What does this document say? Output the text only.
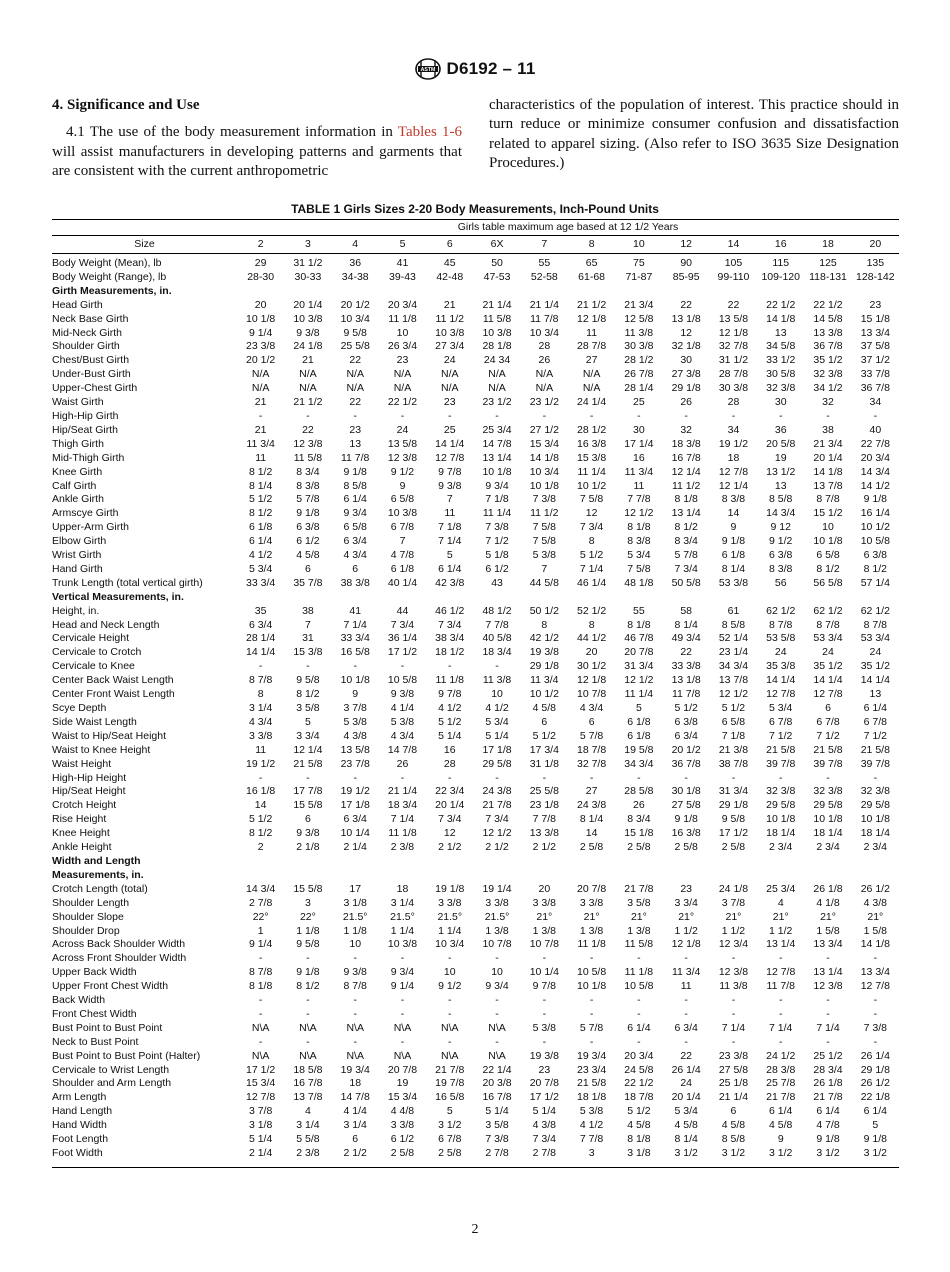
ASTM D6192 – 11
4. Significance and Use
4.1 The use of the body measurement information in Tables 1-6 will assist manufacturers in developing patterns and garments that are consistent with the current anthropometric
characteristics of the population of interest. This practice should in turn reduce or minimize consumer confusion and dissatisfaction related to apparel sizing. (Also refer to ISO 3635 Size Designation Procedures.)
TABLE 1 Girls Sizes 2-20 Body Measurements, Inch-Pound Units
	Girls table maximum age based at 12 1/2 Years													
Size	2	3	4	5	6	6X	7	8	10	12	14	16	18	20
Body Weight (Mean), lb	29	31 1/2	36	41	45	50	55	65	75	90	105	115	125	135
Body Weight (Range), lb	28-30	30-33	34-38	39-43	42-48	47-53	52-58	61-68	71-87	85-95	99-110	109-120	118-131	128-142
Girth Measurements, in.														
Head Girth	20	20 1/4	20 1/2	20 3/4	21	21 1/4	21 1/4	21 1/2	21 3/4	22	22	22 1/2	22 1/2	23
Neck Base Girth	10 1/8	10 3/8	10 3/4	11 1/8	11 1/2	11 5/8	11 7/8	12 1/8	12 5/8	13 1/8	13 5/8	14 1/8	14 5/8	15 1/8
Mid-Neck Girth	9 1/4	9 3/8	9 5/8	10	10 3/8	10 3/8	10 3/4	11	11 3/8	12	12 1/8	13	13 3/8	13 3/4
Shoulder Girth	23 3/8	24 1/8	25 5/8	26 3/4	27 3/4	28 1/8	28	28 7/8	30 3/8	32 1/8	32 7/8	34 5/8	36 7/8	37 5/8
Chest/Bust Girth	20 1/2	21	22	23	24	24 34	26	27	28 1/2	30	31 1/2	33 1/2	35 1/2	37 1/2
Under-Bust Girth	N/A	N/A	N/A	N/A	N/A	N/A	N/A	N/A	26 7/8	27 3/8	28 7/8	30 5/8	32 3/8	33 7/8
Upper-Chest Girth	N/A	N/A	N/A	N/A	N/A	N/A	N/A	N/A	28 1/4	29 1/8	30 3/8	32 3/8	34 1/2	36 7/8
Waist Girth	21	21 1/2	22	22 1/2	23	23 1/2	23 1/2	24 1/4	25	26	28	30	32	34
High-Hip Girth	-	-	-	-	-	-	-	-	-	-	-	-	-	-
Hip/Seat Girth	21	22	23	24	25	25 3/4	27 1/2	28 1/2	30	32	34	36	38	40
Thigh Girth	11 3/4	12 3/8	13	13 5/8	14 1/4	14 7/8	15 3/4	16 3/8	17 1/4	18 3/8	19 1/2	20 5/8	21 3/4	22 7/8
Mid-Thigh Girth	11	11 5/8	11 7/8	12 3/8	12 7/8	13 1/4	14 1/8	15 3/8	16	16 7/8	18	19	20 1/4	20 3/4
Knee Girth	8 1/2	8 3/4	9 1/8	9 1/2	9 7/8	10 1/8	10 3/4	11 1/4	11 3/4	12 1/4	12 7/8	13 1/2	14 1/8	14 3/4
Calf Girth	8 1/4	8 3/8	8 5/8	9	9 3/8	9 3/4	10 1/8	10 1/2	11	11 1/2	12 1/4	13	13 7/8	14 1/2
Ankle Girth	5 1/2	5 7/8	6 1/4	6 5/8	7	7 1/8	7 3/8	7 5/8	7 7/8	8 1/8	8 3/8	8 5/8	8 7/8	9 1/8
Armscye Girth	8 1/2	9 1/8	9 3/4	10 3/8	11	11 1/4	11 1/2	12	12 1/2	13 1/4	14	14 3/4	15 1/2	16 1/4
Upper-Arm Girth	6 1/8	6 3/8	6 5/8	6 7/8	7 1/8	7 3/8	7 5/8	7 3/4	8 1/8	8 1/2	9	9 12	10	10 1/2
Elbow Girth	6 1/4	6 1/2	6 3/4	7	7 1/4	7 1/2	7 5/8	8	8 3/8	8 3/4	9 1/8	9 1/2	10 1/8	10 5/8
Wrist Girth	4 1/2	4 5/8	4 3/4	4 7/8	5	5 1/8	5 3/8	5 1/2	5 3/4	5 7/8	6 1/8	6 3/8	6 5/8	6 3/8
Hand Girth	5 3/4	6	6	6 1/8	6 1/4	6 1/2	7	7 1/4	7 5/8	7 3/4	8 1/4	8 3/8	8 1/2	8 1/2
Trunk Length (total vertical girth)	33 3/4	35 7/8	38 3/8	40 1/4	42 3/8	43	44 5/8	46 1/4	48 1/8	50 5/8	53 3/8	56	56 5/8	57 1/4
Vertical Measurements, in.														
Height, in.	35	38	41	44	46 1/2	48 1/2	50 1/2	52 1/2	55	58	61	62 1/2	62 1/2	62 1/2
Head and Neck Length	6 3/4	7	7 1/4	7 3/4	7 3/4	7 7/8	8	8	8 1/8	8 1/4	8 5/8	8 7/8	8 7/8	8 7/8
Cervicale Height	28 1/4	31	33 3/4	36 1/4	38 3/4	40 5/8	42 1/2	44 1/2	46 7/8	49 3/4	52 1/4	53 5/8	53 3/4	53 3/4
Cervicale to Crotch	14 1/4	15 3/8	16 5/8	17 1/2	18 1/2	18 3/4	19 3/8	20	20 7/8	22	23 1/4	24	24	24
Cervicale to Knee	-	-	-	-	-	-	29 1/8	30 1/2	31 3/4	33 3/8	34 3/4	35 3/8	35 1/2	35 1/2
Center Back Waist Length	8 7/8	9 5/8	10 1/8	10 5/8	11 1/8	11 3/8	11 3/4	12 1/8	12 1/2	13 1/8	13 7/8	14 1/4	14 1/4	14 1/4
Center Front Waist Length	8	8 1/2	9	9 3/8	9 7/8	10	10 1/2	10 7/8	11 1/4	11 7/8	12 1/2	12 7/8	12 7/8	13
Scye Depth	3 1/4	3 5/8	3 7/8	4 1/4	4 1/2	4 1/2	4 5/8	4 3/4	5	5 1/2	5 1/2	5 3/4	6	6 1/4
Side Waist Length	4 3/4	5	5 3/8	5 3/8	5 1/2	5 3/4	6	6	6 1/8	6 3/8	6 5/8	6 7/8	6 7/8	6 7/8
Waist to Hip/Seat Height	3 3/8	3 3/4	4 3/8	4 3/4	5 1/4	5 1/4	5 1/2	5 7/8	6 1/8	6 3/4	7 1/8	7 1/2	7 1/2	7 1/2
Waist to Knee Height	11	12 1/4	13 5/8	14 7/8	16	17 1/8	17 3/4	18 7/8	19 5/8	20 1/2	21 3/8	21 5/8	21 5/8	21 5/8
Waist Height	19 1/2	21 5/8	23 7/8	26	28	29 5/8	31 1/8	32 7/8	34 3/4	36 7/8	38 7/8	39 7/8	39 7/8	39 7/8
High-Hip Height	-	-	-	-	-	-	-	-	-	-	-	-	-	-
Hip/Seat Height	16 1/8	17 7/8	19 1/2	21 1/4	22 3/4	24 3/8	25 5/8	27	28 5/8	30 1/8	31 3/4	32 3/8	32 3/8	32 3/8
Crotch Height	14	15 5/8	17 1/8	18 3/4	20 1/4	21 7/8	23 1/8	24 3/8	26	27 5/8	29 1/8	29 5/8	29 5/8	29 5/8
Rise Height	5 1/2	6	6 3/4	7 1/4	7 3/4	7 3/4	7 7/8	8 1/4	8 3/4	9 1/8	9 5/8	10 1/8	10 1/8	10 1/8
Knee Height	8 1/2	9 3/8	10 1/4	11 1/8	12	12 1/2	13 3/8	14	15 1/8	16 3/8	17 1/2	18 1/4	18 1/4	18 1/4
Ankle Height	2	2 1/8	2 1/4	2 3/8	2 1/2	2 1/2	2 1/2	2 5/8	2 5/8	2 5/8	2 5/8	2 3/4	2 3/4	2 3/4
Width and Length														
Measurements, in.														
Crotch Length (total)	14 3/4	15 5/8	17	18	19 1/8	19 1/4	20	20 7/8	21 7/8	23	24 1/8	25 3/4	26 1/8	26 1/2
Shoulder Length	2 7/8	3	3 1/8	3 1/4	3 3/8	3 3/8	3 3/8	3 3/8	3 5/8	3 3/4	3 7/8	4	4 1/8	4 3/8
Shoulder Slope	22°	22°	21.5°	21.5°	21.5°	21.5°	21°	21°	21°	21°	21°	21°	21°	21°
Shoulder Drop	1	1 1/8	1 1/8	1 1/4	1 1/4	1 3/8	1 3/8	1 3/8	1 3/8	1 1/2	1 1/2	1 1/2	1 5/8	1 5/8
Across Back Shoulder Width	9 1/4	9 5/8	10	10 3/8	10 3/4	10 7/8	10 7/8	11 1/8	11 5/8	12 1/8	12 3/4	13 1/4	13 3/4	14 1/8
Across Front Shoulder Width	-	-	-	-	-	-	-	-	-	-	-	-	-	-
Upper Back Width	8 7/8	9 1/8	9 3/8	9 3/4	10	10	10 1/4	10 5/8	11 1/8	11 3/4	12 3/8	12 7/8	13 1/4	13 3/4
Upper Front Chest Width	8 1/8	8 1/2	8 7/8	9 1/4	9 1/2	9 3/4	9 7/8	10 1/8	10 5/8	11	11 3/8	11 7/8	12 3/8	12 7/8
Back Width	-	-	-	-	-	-	-	-	-	-	-	-	-	-
Front Chest Width	-	-	-	-	-	-	-	-	-	-	-	-	-	-
Bust Point to Bust Point	N\A	N\A	N\A	N\A	N\A	N\A	5 3/8	5 7/8	6 1/4	6 3/4	7 1/4	7 1/4	7 1/4	7 3/8
Neck to Bust Point	-	-	-	-	-	-	-	-	-	-	-	-	-	-
Bust Point to Bust Point (Halter)	N\A	N\A	N\A	N\A	N\A	N\A	19 3/8	19 3/4	20 3/4	22	23 3/8	24 1/2	25 1/2	26 1/4
Cervicale to Wrist Length	17 1/2	18 5/8	19 3/4	20 7/8	21 7/8	22 1/4	23	23 3/4	24 5/8	26 1/4	27 5/8	28 3/8	28 3/4	29 1/8
Shoulder and Arm Length	15 3/4	16 7/8	18	19	19 7/8	20 3/8	20 7/8	21 5/8	22 1/2	24	25 1/8	25 7/8	26 1/8	26 1/2
Arm Length	12 7/8	13 7/8	14 7/8	15 3/4	16 5/8	16 7/8	17 1/2	18 1/8	18 7/8	20 1/4	21 1/4	21 7/8	21 7/8	22 1/8
Hand Length	3 7/8	4	4 1/4	4 4/8	5	5 1/4	5 1/4	5 3/8	5 1/2	5 3/4	6	6 1/4	6 1/4	6 1/4
Hand Width	3 1/8	3 1/4	3 1/4	3 3/8	3 1/2	3 5/8	4 3/8	4 1/2	4 5/8	4 5/8	4 5/8	4 5/8	4 7/8	5
Foot Length	5 1/4	5 5/8	6	6 1/2	6 7/8	7 3/8	7 3/4	7 7/8	8 1/8	8 1/4	8 5/8	9	9 1/8	9 1/8
Foot Width	2 1/4	2 3/8	2 1/2	2 5/8	2 5/8	2 7/8	2 7/8	3	3 1/8	3 1/2	3 1/2	3 1/2	3 1/2	3 1/2
2
